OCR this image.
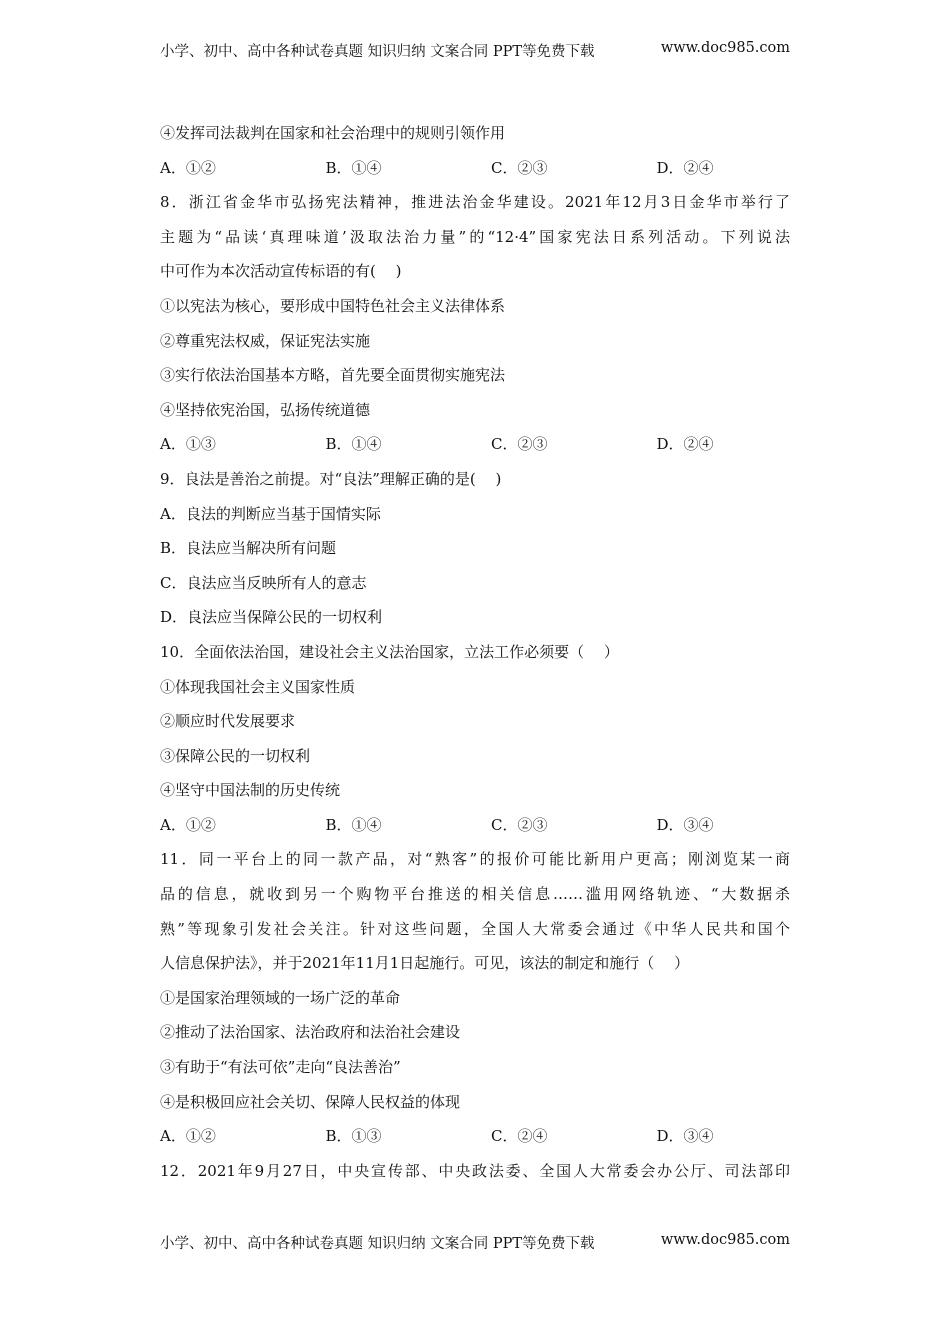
小学、初中、高中各种试卷真题 知识归纳 文案合同 PPT等免费下载	www.doc985.com
④发挥司法裁判在国家和社会治理中的规则引领作用
A．①②	B．①④	C．②③	D．②④
8．浙江省金华市弘扬宪法精神，推进法治金华建设。2021年12月3日金华市举行了
主题为“品读‘真理味道’汲取法治力量”的“12·4”国家宪法日系列活动。下列说法
中可作为本次活动宣传标语的有(　 )
①以宪法为核心，要形成中国特色社会主义法律体系
②尊重宪法权威，保证宪法实施
③实行依法治国基本方略，首先要全面贯彻实施宪法
④坚持依宪治国，弘扬传统道德
A．①③	B．①④	C．②③	D．②④
9．良法是善治之前提。对“良法”理解正确的是(　 )
A．良法的判断应当基于国情实际
B．良法应当解决所有问题
C．良法应当反映所有人的意志
D．良法应当保障公民的一切权利
10．全面依法治国，建设社会主义法治国家，立法工作必须要（　 ）
①体现我国社会主义国家性质
②顺应时代发展要求
③保障公民的一切权利
④坚守中国法制的历史传统
A．①②	B．①④	C．②③	D．③④
11．同一平台上的同一款产品，对“熟客”的报价可能比新用户更高；刚浏览某一商
品的信息，就收到另一个购物平台推送的相关信息……滥用网络轨迹、“大数据杀
熟”等现象引发社会关注。针对这些问题，全国人大常委会通过《中华人民共和国个
人信息保护法》，并于2021年11月1日起施行。可见，该法的制定和施行（　 ）
①是国家治理领域的一场广泛的革命
②推动了法治国家、法治政府和法治社会建设
③有助于“有法可依”走向“良法善治”
④是积极回应社会关切、保障人民权益的体现
A．①②	B．①③	C．②④	D．③④
12．2021年9月27日，中央宣传部、中央政法委、全国人大常委会办公厅、司法部印
小学、初中、高中各种试卷真题 知识归纳 文案合同 PPT等免费下载	www.doc985.com
